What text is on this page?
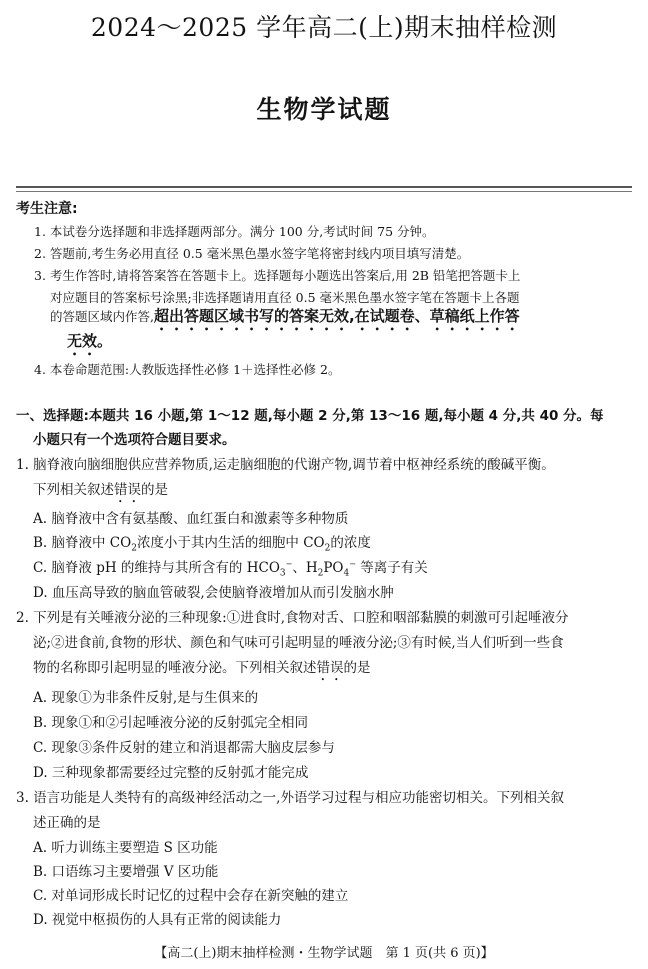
2024～2025 学年高二(上)期末抽样检测
生物学试题
考生注意:
1. 本试卷分选择题和非选择题两部分。满分 100 分,考试时间 75 分钟。
2. 答题前,考生务必用直径 0.5 毫米黑色墨水签字笔将密封线内项目填写清楚。
3. 考生作答时,请将答案答在答题卡上。选择题每小题选出答案后,用 2B 铅笔把答题卡上
对应题目的答案标号涂黑;非选择题请用直径 0.5 毫米黑色墨水签字笔在答题卡上各题
的答题区域内作答,超出答题区域书写的答案无效,在试题卷、草稿纸上作答
无效。
4. 本卷命题范围:人教版选择性必修 1＋选择性必修 2。
一、选择题:本题共 16 小题,第 1～12 题,每小题 2 分,第 13～16 题,每小题 4 分,共 40 分。每
小题只有一个选项符合题目要求。
1. 脑脊液向脑细胞供应营养物质,运走脑细胞的代谢产物,调节着中枢神经系统的酸碱平衡。
下列相关叙述错误的是
A. 脑脊液中含有氨基酸、血红蛋白和激素等多种物质
B. 脑脊液中 $CO_2$浓度小于其内生活的细胞中 $CO_2$的浓度
C. 脑脊液 pH 的维持与其所含有的 $HCO_3^-$、$H_2PO_4^-$ 等离子有关
D. 血压高导致的脑血管破裂,会使脑脊液增加从而引发脑水肿
2. 下列是有关唾液分泌的三种现象:①进食时,食物对舌、口腔和咽部黏膜的刺激可引起唾液分
泌;②进食前,食物的形状、颜色和气味可引起明显的唾液分泌;③有时候,当人们听到一些食
物的名称即引起明显的唾液分泌。下列相关叙述错误的是
A. 现象①为非条件反射,是与生俱来的
B. 现象①和②引起唾液分泌的反射弧完全相同
C. 现象③条件反射的建立和消退都需大脑皮层参与
D. 三种现象都需要经过完整的反射弧才能完成
3. 语言功能是人类特有的高级神经活动之一,外语学习过程与相应功能密切相关。下列相关叙
述正确的是
A. 听力训练主要塑造 S 区功能
B. 口语练习主要增强 V 区功能
C. 对单词形成长时记忆的过程中会存在新突触的建立
D. 视觉中枢损伤的人具有正常的阅读能力
【高二(上)期末抽样检测・生物学试题　第 1 页(共 6 页)】
